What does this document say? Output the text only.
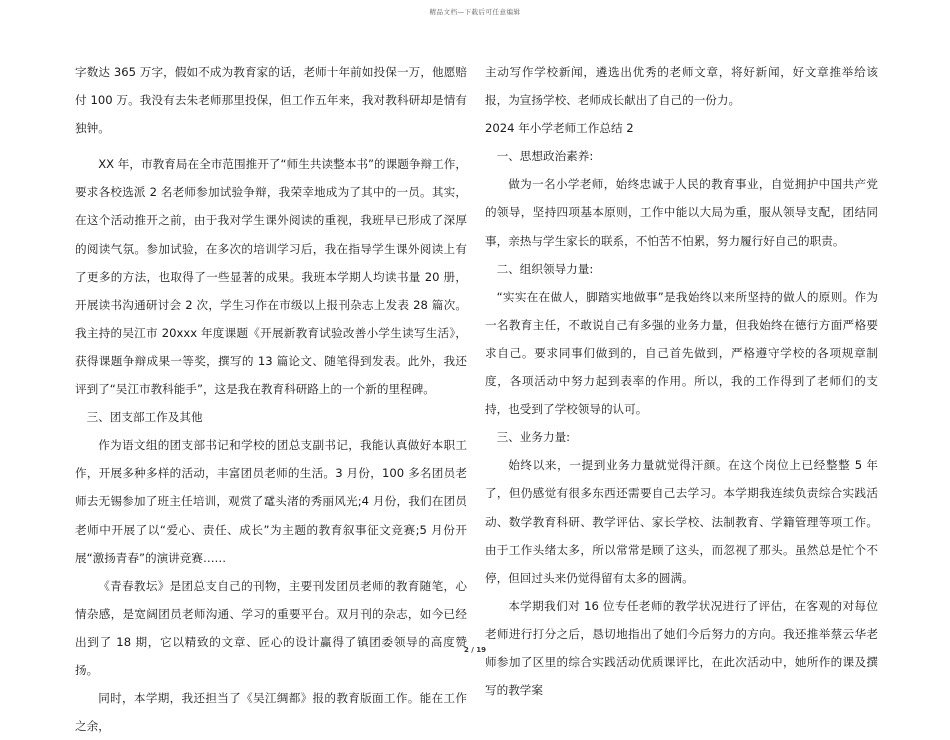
精品文档—下载后可任意编辑

字数达 365 万字，假如不成为教育家的话，老师十年前如投保一万，他愿赔付 100 万。我没有去朱老师那里投保，但工作五年来，我对教科研却是情有独钟。

XX 年，市教育局在全市范围推开了“师生共读整本书”的课题争辩工作，要求各校选派 2 名老师参加试验争辩，我荣幸地成为了其中的一员。其实，在这个活动推开之前，由于我对学生课外阅读的重视，我班早已形成了深厚的阅读气氛。参加试验，在多次的培训学习后，我在指导学生课外阅读上有了更多的方法，也取得了一些显著的成果。我班本学期人均读书量 20 册，开展读书沟通研讨会 2 次，学生习作在市级以上报刊杂志上发表 28 篇次。我主持的吴江市 20xxx 年度课题《开展新教育试验改善小学生读写生活》，获得课题争辩成果一等奖，撰写的 13 篇论文、随笔得到发表。此外，我还评到了“吴江市教科能手”，这是我在教育科研路上的一个新的里程碑。

三、团支部工作及其他

作为语文组的团支部书记和学校的团总支副书记，我能认真做好本职工作，开展多种多样的活动，丰富团员老师的生活。3 月份，100 多名团员老师去无锡参加了班主任培训，观赏了鼋头渚的秀丽风光;4 月份，我们在团员老师中开展了以“爱心、责任、成长”为主题的教育叙事征文竞赛;5 月份开展“激扬青春”的演讲竞赛……

《青春教坛》是团总支自己的刊物，主要刊发团员老师的教育随笔，心情杂感，是宽阔团员老师沟通、学习的重要平台。双月刊的杂志，如今已经出到了 18 期，它以精致的文章、匠心的设计赢得了镇团委领导的高度赞扬。

同时，本学期，我还担当了《吴江绸都》报的教育版面工作。能在工作之余，

主动写作学校新闻，遴选出优秀的老师文章，将好新闻，好文章推举给该报，为宣扬学校、老师成长献出了自己的一份力。

2024 年小学老师工作总结 2

一、思想政治素养:

做为一名小学老师，始终忠诚于人民的教育事业，自觉拥护中国共产党的领导，坚持四项基本原则，工作中能以大局为重，服从领导支配，团结同事，亲热与学生家长的联系，不怕苦不怕累，努力履行好自己的职责。

二、组织领导力量:

“实实在在做人，脚踏实地做事”是我始终以来所坚持的做人的原则。作为一名教育主任，不敢说自己有多强的业务力量，但我始终在德行方面严格要求自己。要求同事们做到的，自己首先做到，严格遵守学校的各项规章制度，各项活动中努力起到表率的作用。所以，我的工作得到了老师们的支持，也受到了学校领导的认可。

三、业务力量:

始终以来，一提到业务力量就觉得汗颜。在这个岗位上已经整整 5 年了，但仍感觉有很多东西还需要自己去学习。本学期我连续负责综合实践活动、数学教育科研、教学评估、家长学校、法制教育、学籍管理等项工作。由于工作头绪太多，所以常常是顾了这头，而忽视了那头。虽然总是忙个不停，但回过头来仍觉得留有太多的圆满。

本学期我们对 16 位专任老师的教学状况进行了评估，在客观的对每位老师进行打分之后，恳切地指出了她们今后努力的方向。我还推举蔡云华老师参加了区里的综合实践活动优质课评比，在此次活动中，她所作的课及撰写的教学案

2 / 19
